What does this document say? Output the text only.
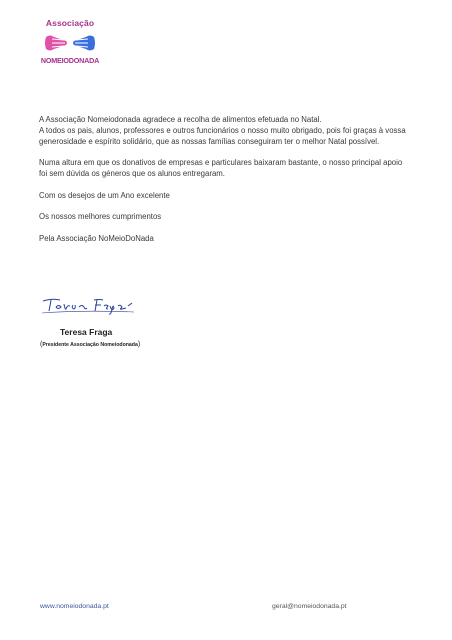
Associação
NOMEIODONADA

A Associação Nomeiodonada agradece a recolha de alimentos efetuada no Natal.
A todos os pais, alunos, professores e outros funcionários o nosso muito obrigado, pois foi graças à vossa generosidade e espírito solidário, que as nossas famílias conseguiram ter o melhor Natal possível.

Numa altura em que os donativos de empresas e particulares baixaram bastante, o nosso principal apoio foi sem dúvida os géneros que os alunos entregaram.

Com os desejos de um Ano excelente

Os nossos melhores cumprimentos

Pela Associação NoMeioDoNada

Teresa Fraga
(Presidente Associação Nomeiodonada)
www.nomeiodonada.pt	geral@nomeiodonada.pt
